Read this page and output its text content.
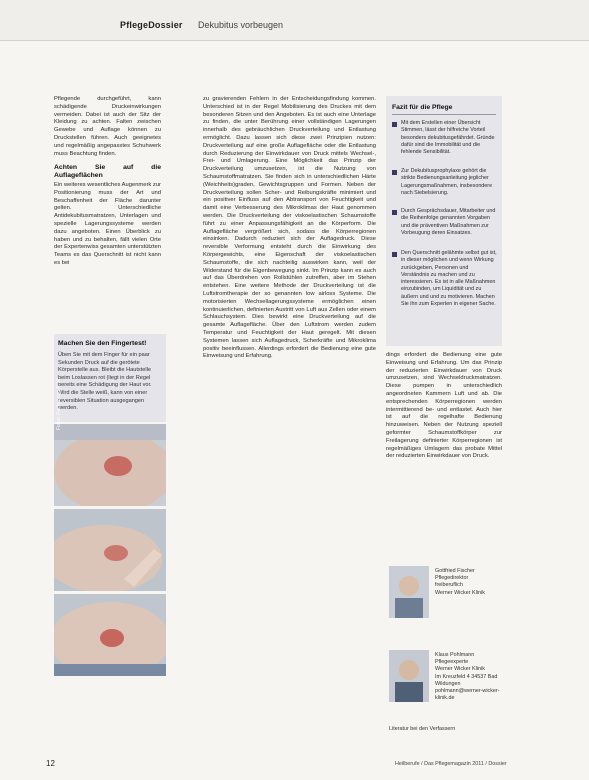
PflegeDossier Dekubitus vorbeugen

Pflegende durchgeführt, kann schädigende Druckeinwirkungen vermeiden. Dabei ist auch der Sitz der Kleidung zu achten. Falten zwischen Gewebe und Auflage können zu Druckstellen führen. Auch geeignetes und regelmäßig angepasstes Schuhwerk muss Beachtung finden.

Achten Sie auf die Auflageflächen

Ein weiteres wesentliches Augenmerk zur Positionierung muss der Art und Beschaffenheit der Fläche darunter gelten. Unterschiedliche Antidekubitusmatratzen, Unterlagen und spezielle Lagerungssysteme werden dazu angeboten. Einen Überblick zu haben und zu behalten, fällt vielen Orte der Expertenwiss gesamten unterstützten Teams es das Querschnitt ist nicht kann es bei

Machen Sie den Fingertest!
Üben Sie mit dem Finger für ein paar Sekunden Druck auf die gerötete Körperstelle aus. Bleibt die Hautstelle beim Loslassen rot (liegt in der Regel bereits eine Schädigung der Haut vor. Wird die Stelle weiß, kann von einer reversiblen Situation ausgegangen werden.
Fotos: Fachverlag P. M.

zu gravierenden Fehlern in der Entscheidungsfindung kommen. Unterschied ist in der Regel Mobilisierung des Druckes mit dem besonderen Sitzen und den Angeboten. Es ist auch eine Unterlage zu finden, die unter Berührung einer vollständigen Lagerungen innerhalb des gebräuchlichen Druckverteilung und Entlastung ermöglicht. Dazu lassen sich diese zwei Prinzipien nutzen: Druckverteilung auf eine große Auflagefläche oder die Entlastung durch Reduzierung der Einwirkdauer von Druck mittels Wechsel-, Frei- und Umlagerung. Eine Möglichkeit das Prinzip der Druckverteilung umzusetzen, ist die Nutzung von Schaumstoffmatratzen. Sie finden sich in unterschiedlichen Härte (Weichheits)graden, Gewichtsgruppen und Formen. Neben der Druckverteilung sollen Scher- und Reibungskräfte minimiert und ein positiver Einfluss auf den Abtransport von Feuchtigkeit und damit eine Verbesserung des Mikroklimas der Haut genommen werden. Die Druckverteilung der viskoelastischen Schaumstoffe führt zu einer Anpassungsfähigkeit an die Körperform. Die Auflagefläche vergrößert sich, sodass die Körperregionen einsinken. Dadurch reduziert sich der Auflagedruck. Diese reversible Verformung entsteht durch die Einwirkung des Körpergewichts, eine Eigenschaft der viskoelastischen Schaumstoffe, die sich nachteilig auswirken kann, weil der Widerstand für die Eigenbewegung sinkt. Im Prinzip kann es auch auf das Überdrehen von Rollstühlen zutreffen, aber im Stehen entstehen. Eine weitere Methode der Druckverteilung ist die Luftstromtherapie der so genannten low airloss Systeme. Die motorisierten Wechsellagerungssysteme ermöglichen einen kontinuierlichen, definierten Austritt von Luft aus Zellen oder einem Schlauchsystem. Dies bewirkt eine Druckverteilung auf die gesamte Auflagefläche. Über den Luftstrom werden zudem Temperatur und Feuchtigkeit der Haut geregelt. Mit diesen Systemen lassen sich Auflagedruck, Scherkräfte und Mikroklima positiv beeinflussen. Allerdings erfordert die Bedienung eine gute Einweisung und Erfahrung.

Fazit für die Pflege
Mit dem Erstellen einer Übersicht Stimmen, lässt der hilfreiche Vorteil besonders dekubitusgefährdet. Gründe dafür sind die Immobilität und die fehlende Sensibilität.
Zur Dekubitusprophylaxe gehört die strikte Bedienungsanleitung jeglicher Lagerungsmaßnahmen, insbesondere nach Siebelsierung.
Durch Gesprächsdauer, Mitarbeiter und die Reihenfolge genannten Vorgaben und die präventiven Maßnahmen zur Vorbeugung deren Einsatzes.
Den Querschnitt gelähmte selbst gut ist, in dieser möglichen und wenn Wirkung zurückgeben, Personen und Verständnis zu machen und zu interessieren. Es ist in alle Maßnahmen einzubinden, um Liquidität und zu äußern und und zu motivieren. Machen Sie ihn zum Experten in eigener Sache.

dings erfordert die Bedienung eine gute Einweisung und Erfahrung. Um das Prinzip der reduzierten Einwirkdauer von Druck umzusetzen, sind Wechseldruckmatratzen. Diese pumpen in unterschiedlich angeordneten Kammern Luft und ab. Die entsprechenden Körperregionen werden intermittierend be- und entlastet. Auch hier ist auf die regelhafte Bedienung hinzuweisen. Neben der Nutzung speziell geformter Schaumstoffkörper zur Freilagerung definierter Körperregionen ist regelmäßiges Umlagern das probate Mittel der reduzierten Einwirkdauer von Druck.

Gottfried Fischer
Pflegedirektor
freiberuflich
Werner Wicker Klinik
Klaus Pohlmann
Pflegeexperte
Werner Wicker Klinik
Im Kreuzfeld 4 34537 Bad Wildungen pohlmann@werner-wicker-klinik.de
Literatur bei den Verfassern
12	Heilberufe / Das Pflegemagazin 2011 / Dossier
